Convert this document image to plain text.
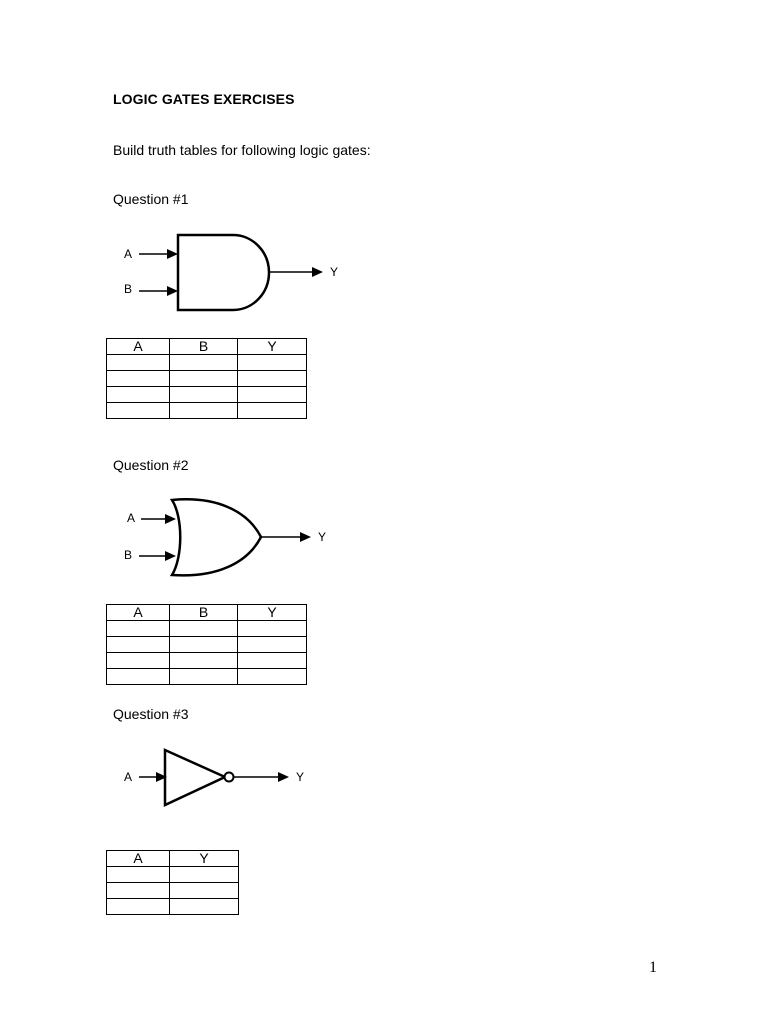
LOGIC GATES EXERCISES
Build truth tables for following logic gates:
Question #1
A
B
Y
A	B	Y

Question #2
A
B
Y
A	B	Y

Question #3
A	Y
A	Y

1
